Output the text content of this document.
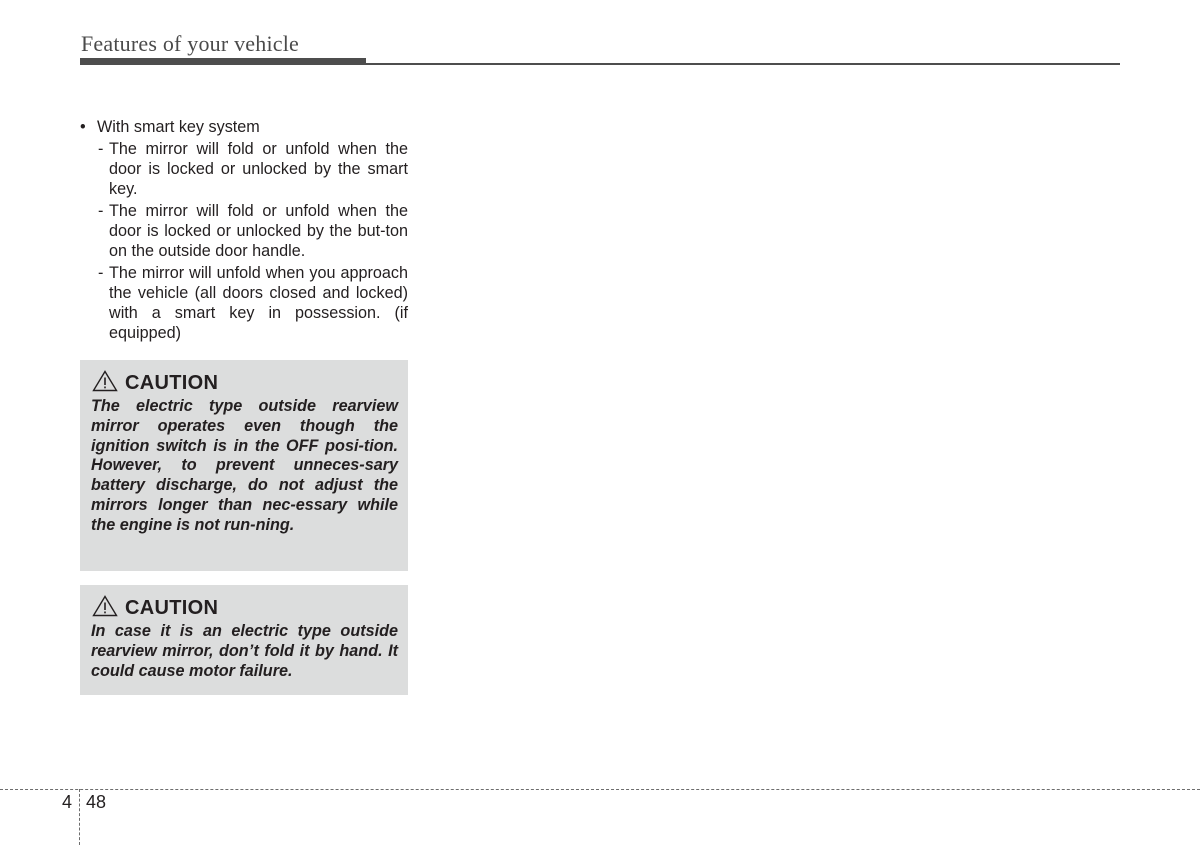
Features of your vehicle
• With smart key system
- The mirror will fold or unfold when the door is locked or unlocked by the smart key.
- The mirror will fold or unfold when the door is locked or unlocked by the but-ton on the outside door handle.
- The mirror will unfold when you approach the vehicle (all doors closed and locked) with a smart key in possession. (if equipped)
CAUTION
The electric type outside rearview mirror operates even though the ignition switch is in the OFF posi-tion. However, to prevent unneces-sary battery discharge, do not adjust the mirrors longer than nec-essary while the engine is not run-ning.
CAUTION
In case it is an electric type outside rearview mirror, don’t fold it by hand. It could cause motor failure.
4 48
